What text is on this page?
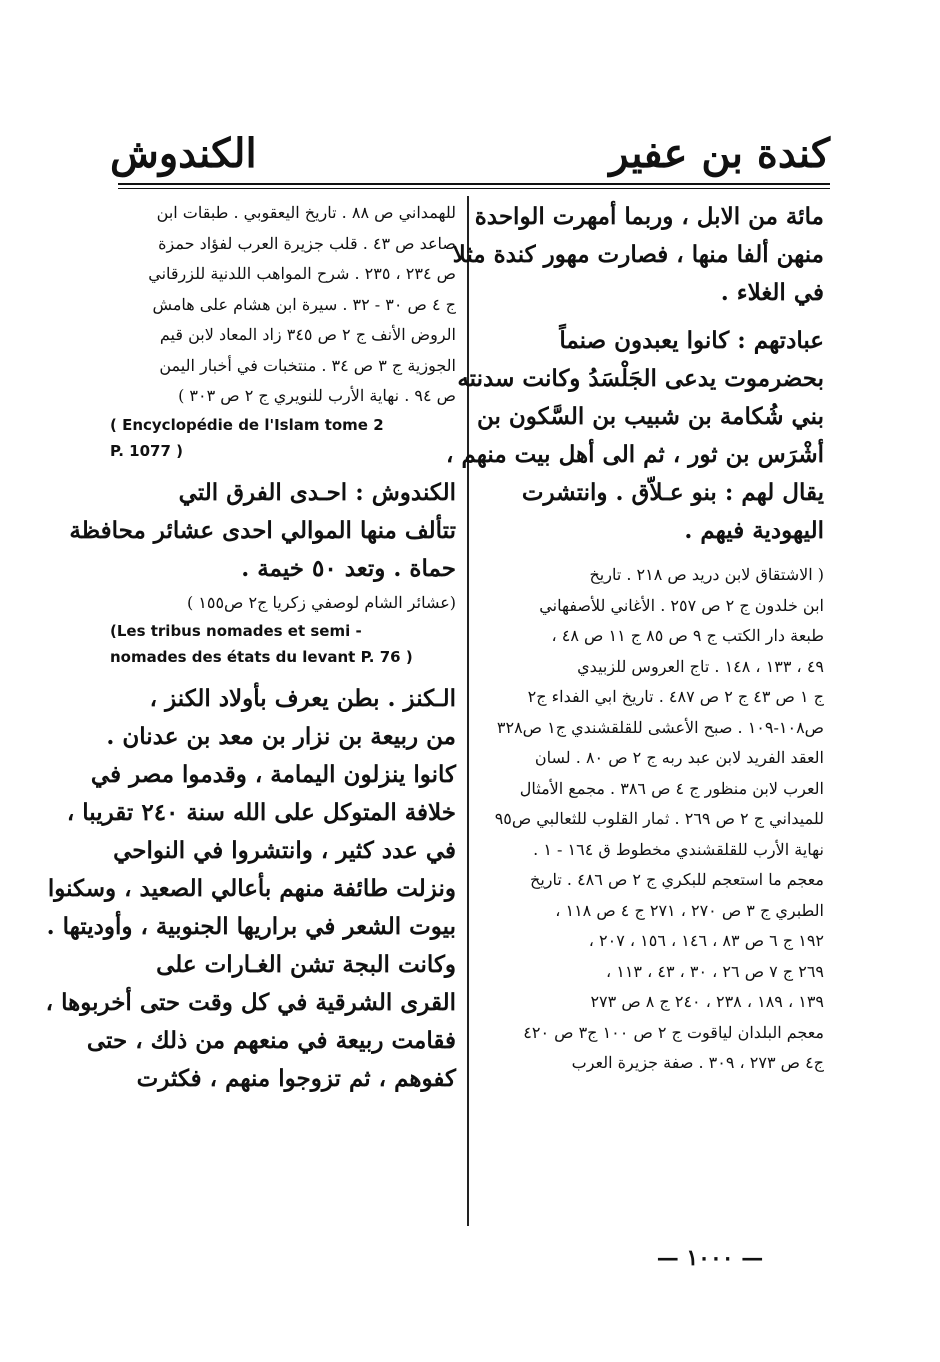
كندة بن عفير
الكندوش
مائة من الابل ، وربما أمهرت الواحدة
منهن ألفا منها ، فصارت مهور كندة مثلا
في الغلاء .
عبادتهم : كانوا يعبدون صنماً
بحضرموت يدعى الجَلْسَدُ وكانت سدنته
بني شُكامة بن شبيب بن السَّكون بن
أشْرَس بن ثور ، ثم الى أهل بيت منهم ،
يقال لهم : بنو عـلاّق . وانتشرت
اليهودية فيهم .
( الاشتقاق لابن دريد ص ٢١٨ . تاريخ
ابن خلدون ج ٢ ص ٢٥٧ . الأغاني للأصفهاني
طبعة دار الكتب ج ٩ ص ٨٥ ج ١١ ص ٤٨ ،
٤٩ ، ١٣٣ ، ١٤٨ . تاج العروس للزبيدي
ج ١ ص ٤٣ ج ٢ ص ٤٨٧ . تاريخ ابي الفداء ج٢
ص١٠٨-١٠٩ . صبح الأعشى للقلقشندي ج١ ص٣٢٨
العقد الفريد لابن عبد ربه ج ٢ ص ٨٠ . لسان
العرب لابن منظور ج ٤ ص ٣٨٦ . مجمع الأمثال
للميداني ج ٢ ص ٢٦٩ . ثمار القلوب للثعالبي ص٩٥
نهاية الأرب للقلقشندي مخطوط ق ١٦٤ - ١ .
معجم ما استعجم للبكري ج ٢ ص ٤٨٦ . تاريخ
الطبري ج ٣ ص ٢٧٠ ، ٢٧١ ج ٤ ص ١١٨ ،
١٩٢ ج ٦ ص ٨٣ ، ١٤٦ ، ١٥٦ ، ٢٠٧ ،
٢٦٩ ج ٧ ص ٢٦ ، ٣٠ ، ٤٣ ، ١١٣ ،
١٣٩ ، ١٨٩ ، ٢٣٨ ، ٢٤٠ ج ٨ ص ٢٧٣
معجم البلدان لياقوت ج ٢ ص ١٠٠ ج٣ ص ٤٢٠
ج٤ ص ٢٧٣ ، ٣٠٩ . صفة جزيرة العرب
للهمداني ص ٨٨ . تاريخ اليعقوبي . طبقات ابن
صاعد ص ٤٣ . قلب جزيرة العرب لفؤاد حمزة
ص ٢٣٤ ، ٢٣٥ . شرح المواهب اللدنية للزرقاني
ج ٤ ص ٣٠ - ٣٢ . سيرة ابن هشام على هامش
الروض الأنف ج ٢ ص ٣٤٥ زاد المعاد لابن قيم
الجوزية ج ٣ ص ٣٤ . منتخبات في أخبار اليمن
ص ٩٤ . نهاية الأرب للنويري ج ٢ ص ٣٠٣ )
( Encyclopédie de l'Islam tome 2
P. 1077 )
الكندوش : احـدى الفرق التي
تتألف منها الموالي احدى عشائر محافظة
حماة . وتعد ٥٠ خيمة .
(عشائر الشام لوصفي زكريا ج٢ ص١٥٥ )
(Les tribus nomades et semi -
nomades des états du levant P. 76 )
الـكنز . بطن يعرف بأولاد الكنز ،
من ربيعة بن نزار بن معد بن عدنان .
كانوا ينزلون اليمامة ، وقدموا مصر في
خلافة المتوكل على الله سنة ٢٤٠ تقريبا ،
في عدد كثير ، وانتشروا في النواحي
ونزلت طائفة منهم بأعالي الصعيد ، وسكنوا
بيوت الشعر في براريها الجنوبية ، وأوديتها .
وكانت البجة تشن الغـارات على
القرى الشرقية في كل وقت حتى أخربوها ،
فقامت ربيعة في منعهم من ذلك ، حتى
كفوهم ، ثم تزوجوا منهم ، فكثرت
— ١٠٠٠ —
